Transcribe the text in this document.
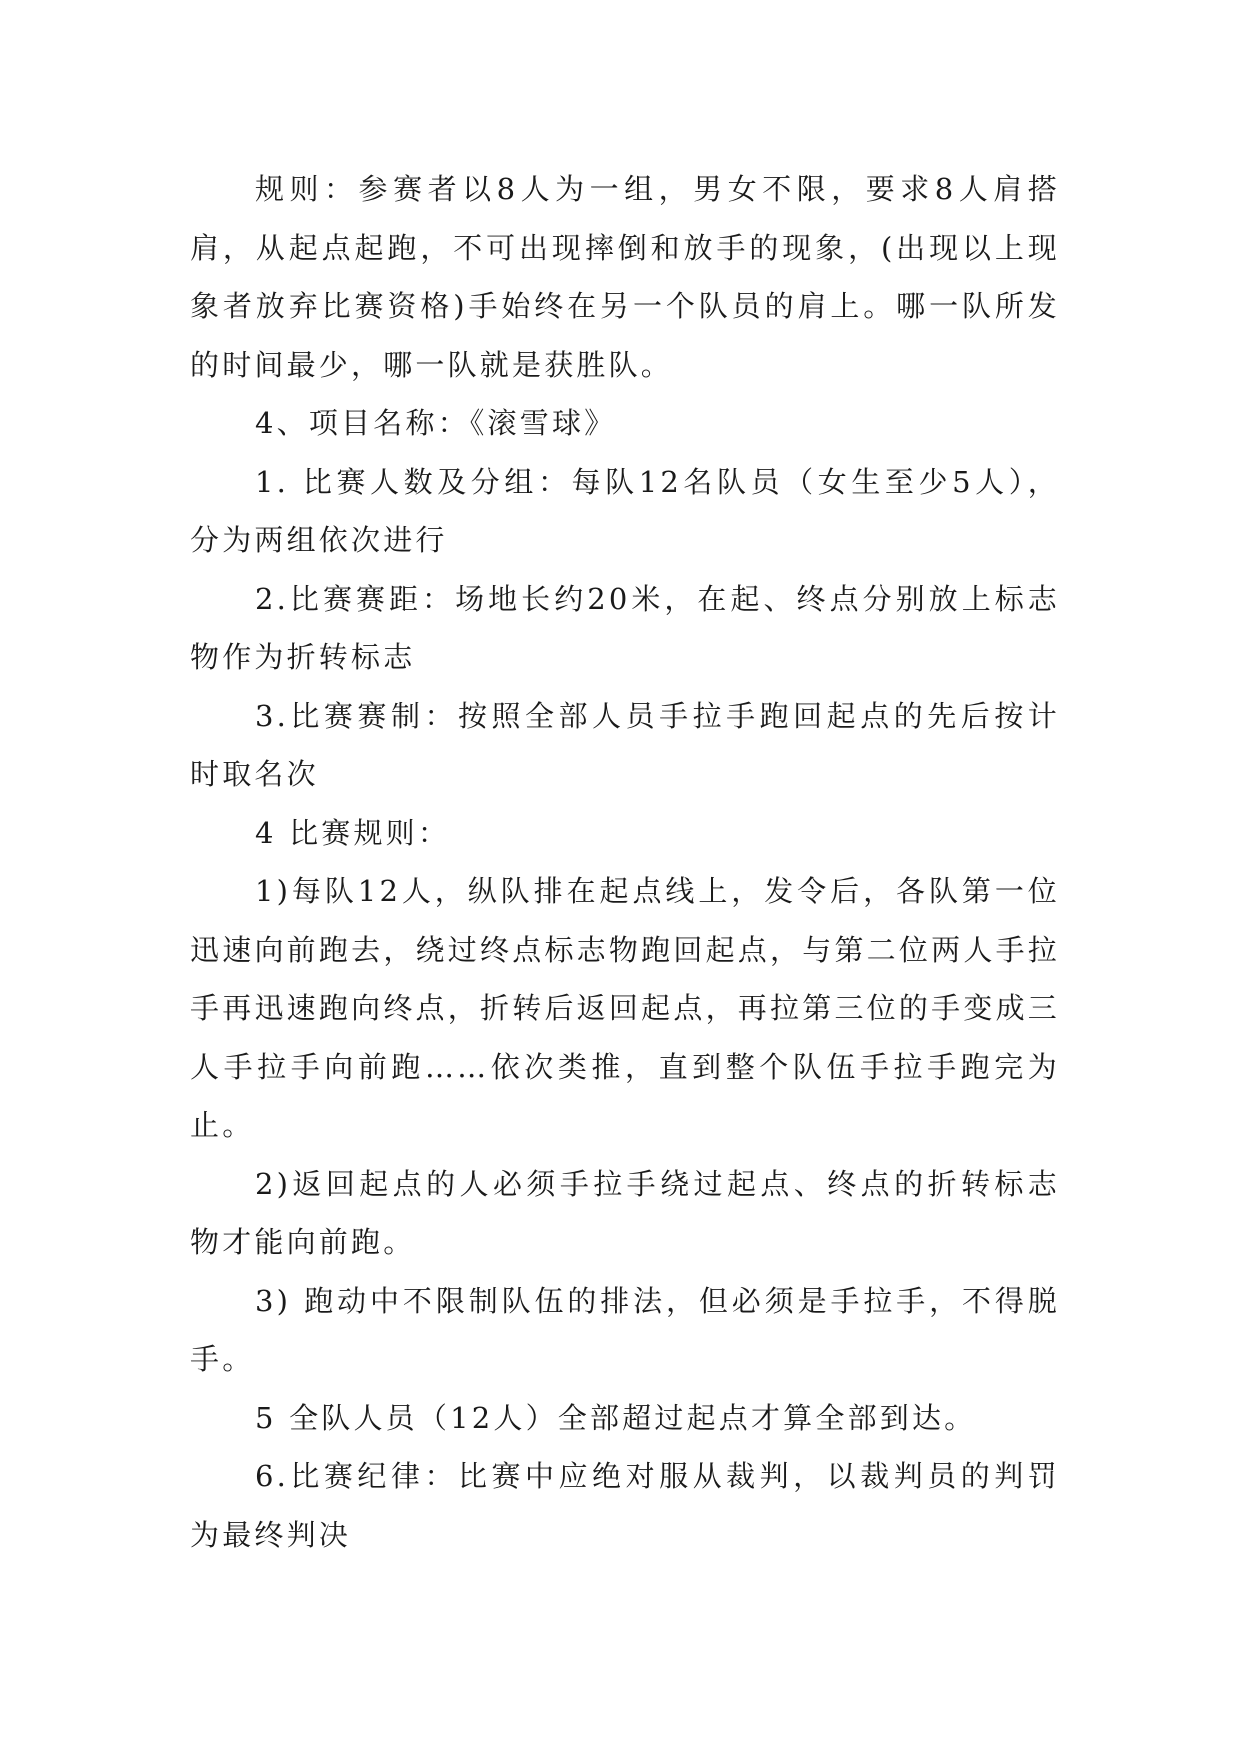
规则：参赛者以8人为一组，男女不限，要求8人肩搭肩，从起点起跑，不可出现摔倒和放手的现象，(出现以上现象者放弃比赛资格)手始终在另一个队员的肩上。哪一队所发的时间最少，哪一队就是获胜队。

4、项目名称：《滚雪球》

1. 比赛人数及分组：每队12名队员（女生至少5人），分为两组依次进行

2.比赛赛距：场地长约20米，在起、终点分别放上标志物作为折转标志

3.比赛赛制：按照全部人员手拉手跑回起点的先后按计时取名次

4 比赛规则：

1)每队12人，纵队排在起点线上，发令后，各队第一位迅速向前跑去，绕过终点标志物跑回起点，与第二位两人手拉手再迅速跑向终点，折转后返回起点，再拉第三位的手变成三人手拉手向前跑……依次类推，直到整个队伍手拉手跑完为止。

2)返回起点的人必须手拉手绕过起点、终点的折转标志物才能向前跑。

3) 跑动中不限制队伍的排法，但必须是手拉手，不得脱手。

5 全队人员（12人）全部超过起点才算全部到达。

6.比赛纪律：比赛中应绝对服从裁判，以裁判员的判罚为最终判决
